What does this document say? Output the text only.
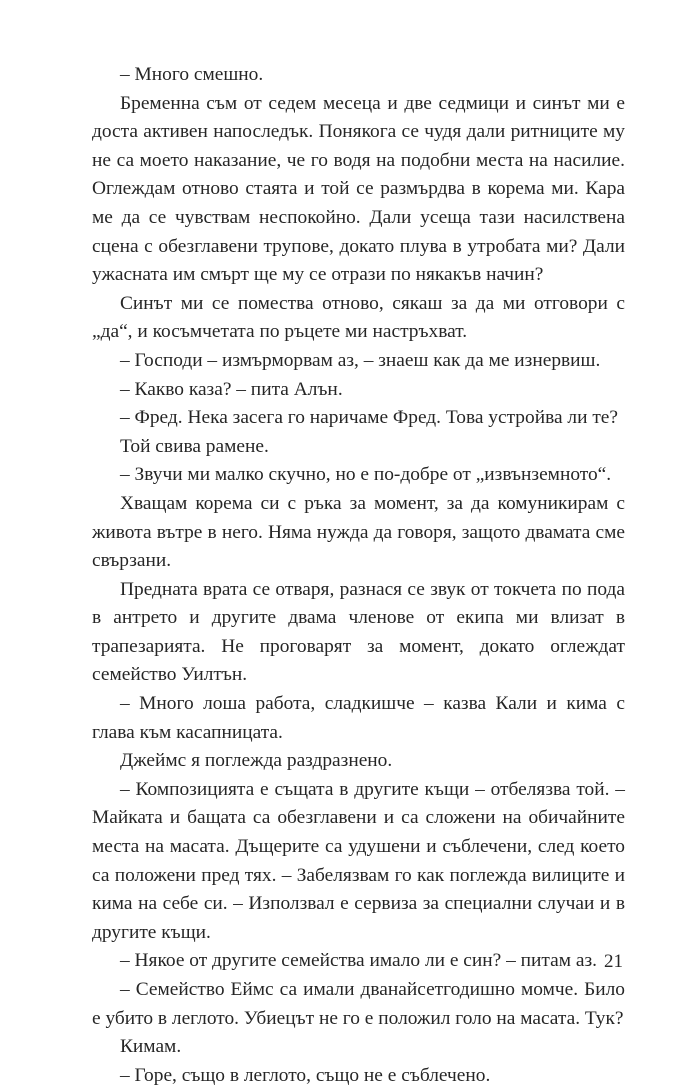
– Много смешно.

Бременна съм от седем месеца и две седмици и синът ми е доста активен напоследък. Понякога се чудя дали ритниците му не са моето наказание, че го водя на подобни места на насилие. Оглеждам отново стаята и той се размърдва в корема ми. Кара ме да се чувствам неспокойно. Дали усеща тази насилствена сцена с обезглавени трупове, докато плува в утробата ми? Дали ужасната им смърт ще му се отрази по някакъв начин?

Синът ми се помества отново, сякаш за да ми отговори с „да“, и косъмчетата по ръцете ми настръхват.

– Господи – измърморвам аз, – знаеш как да ме изнервиш.

– Какво каза? – пита Алън.

– Фред. Нека засега го наричаме Фред. Това устройва ли те?

Той свива рамене.

– Звучи ми малко скучно, но е по-добре от „извънземното“.

Хващам корема си с ръка за момент, за да комуникирам с живота вътре в него. Няма нужда да говоря, защото двамата сме свързани.

Предната врата се отваря, разнася се звук от токчета по пода в антрето и другите двама членове от екипа ми влизат в трапезарията. Не проговарят за момент, докато оглеждат семейство Уилтън.

– Много лоша работа, сладкишче – казва Кали и кима с глава към касапницата.

Джеймс я поглежда раздразнено.

– Композицията е същата в другите къщи – отбелязва той. – Майката и бащата са обезглавени и са сложени на обичайните места на масата. Дъщерите са удушени и съблечени, след което са положени пред тях. – Забелязвам го как поглежда вилиците и кима на себе си. – Използвал е сервиза за специални случаи и в другите къщи.

– Някое от другите семейства имало ли е син? – питам аз.

– Семейство Еймс са имали дванайсетгодишно момче. Било е убито в леглото. Убиецът не го е положил голо на масата. Тук?

Кимам.

– Горе, също в леглото, също не е съблечено.

21
